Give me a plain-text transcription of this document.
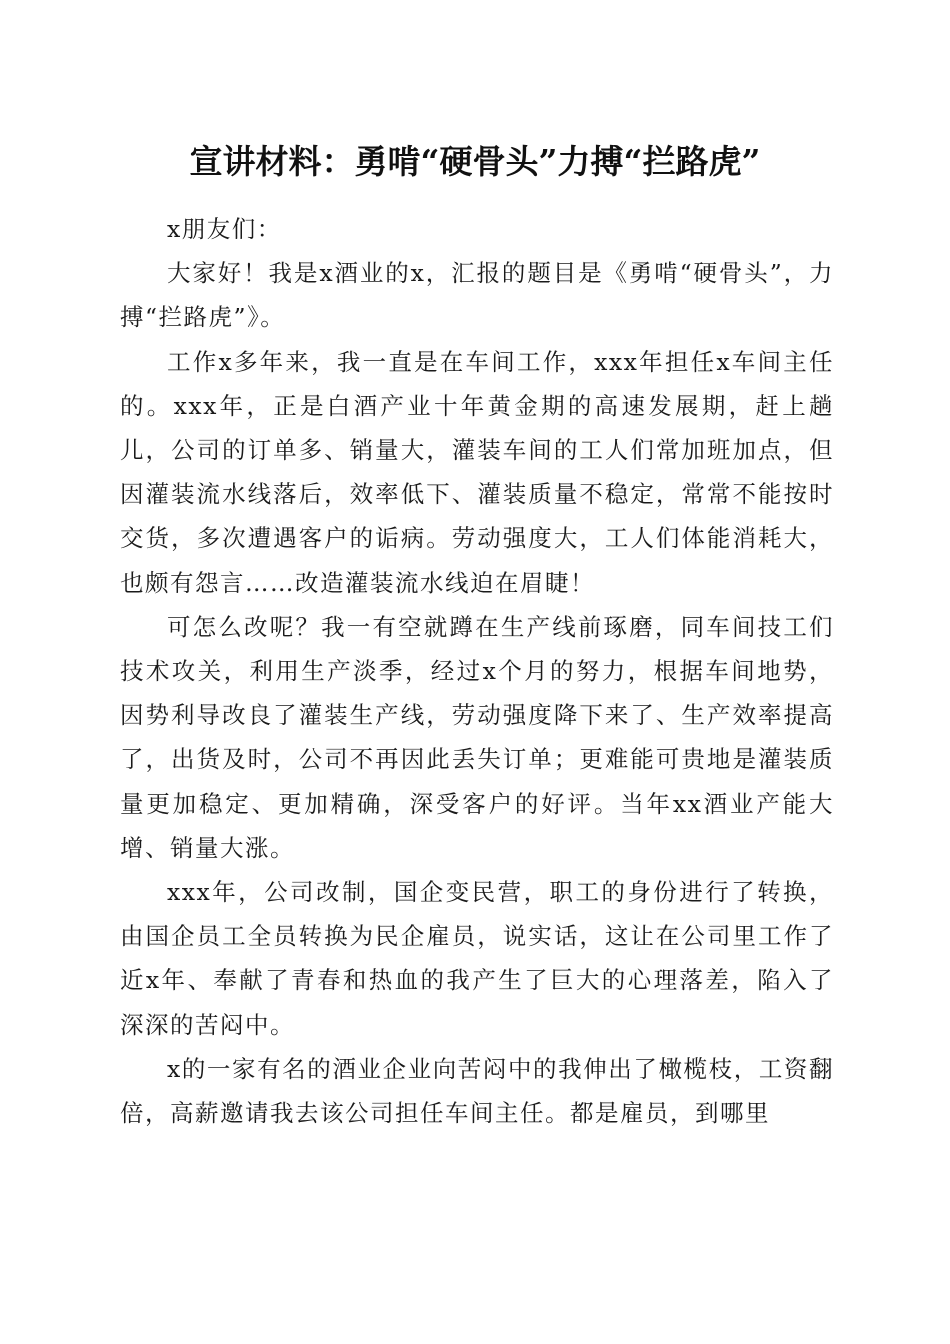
宣讲材料：勇啃“硬骨头”力搏“拦路虎”

x朋友们：

大家好！我是x酒业的x，汇报的题目是《勇啃“硬骨头”，力搏“拦路虎”》。

工作x多年来，我一直是在车间工作，xxx年担任x车间主任的。xxx年，正是白酒产业十年黄金期的高速发展期，赶上趟儿，公司的订单多、销量大，灌装车间的工人们常加班加点，但因灌装流水线落后，效率低下、灌装质量不稳定，常常不能按时交货，多次遭遇客户的诟病。劳动强度大，工人们体能消耗大，也颇有怨言……改造灌装流水线迫在眉睫！

可怎么改呢？我一有空就蹲在生产线前琢磨，同车间技工们技术攻关，利用生产淡季，经过x个月的努力，根据车间地势，因势利导改良了灌装生产线，劳动强度降下来了、生产效率提高了，出货及时，公司不再因此丢失订单；更难能可贵地是灌装质量更加稳定、更加精确，深受客户的好评。当年xx酒业产能大增、销量大涨。

xxx年，公司改制，国企变民营，职工的身份进行了转换，由国企员工全员转换为民企雇员，说实话，这让在公司里工作了近x年、奉献了青春和热血的我产生了巨大的心理落差，陷入了深深的苦闷中。

x的一家有名的酒业企业向苦闷中的我伸出了橄榄枝，工资翻倍，高薪邀请我去该公司担任车间主任。都是雇员，到哪里
